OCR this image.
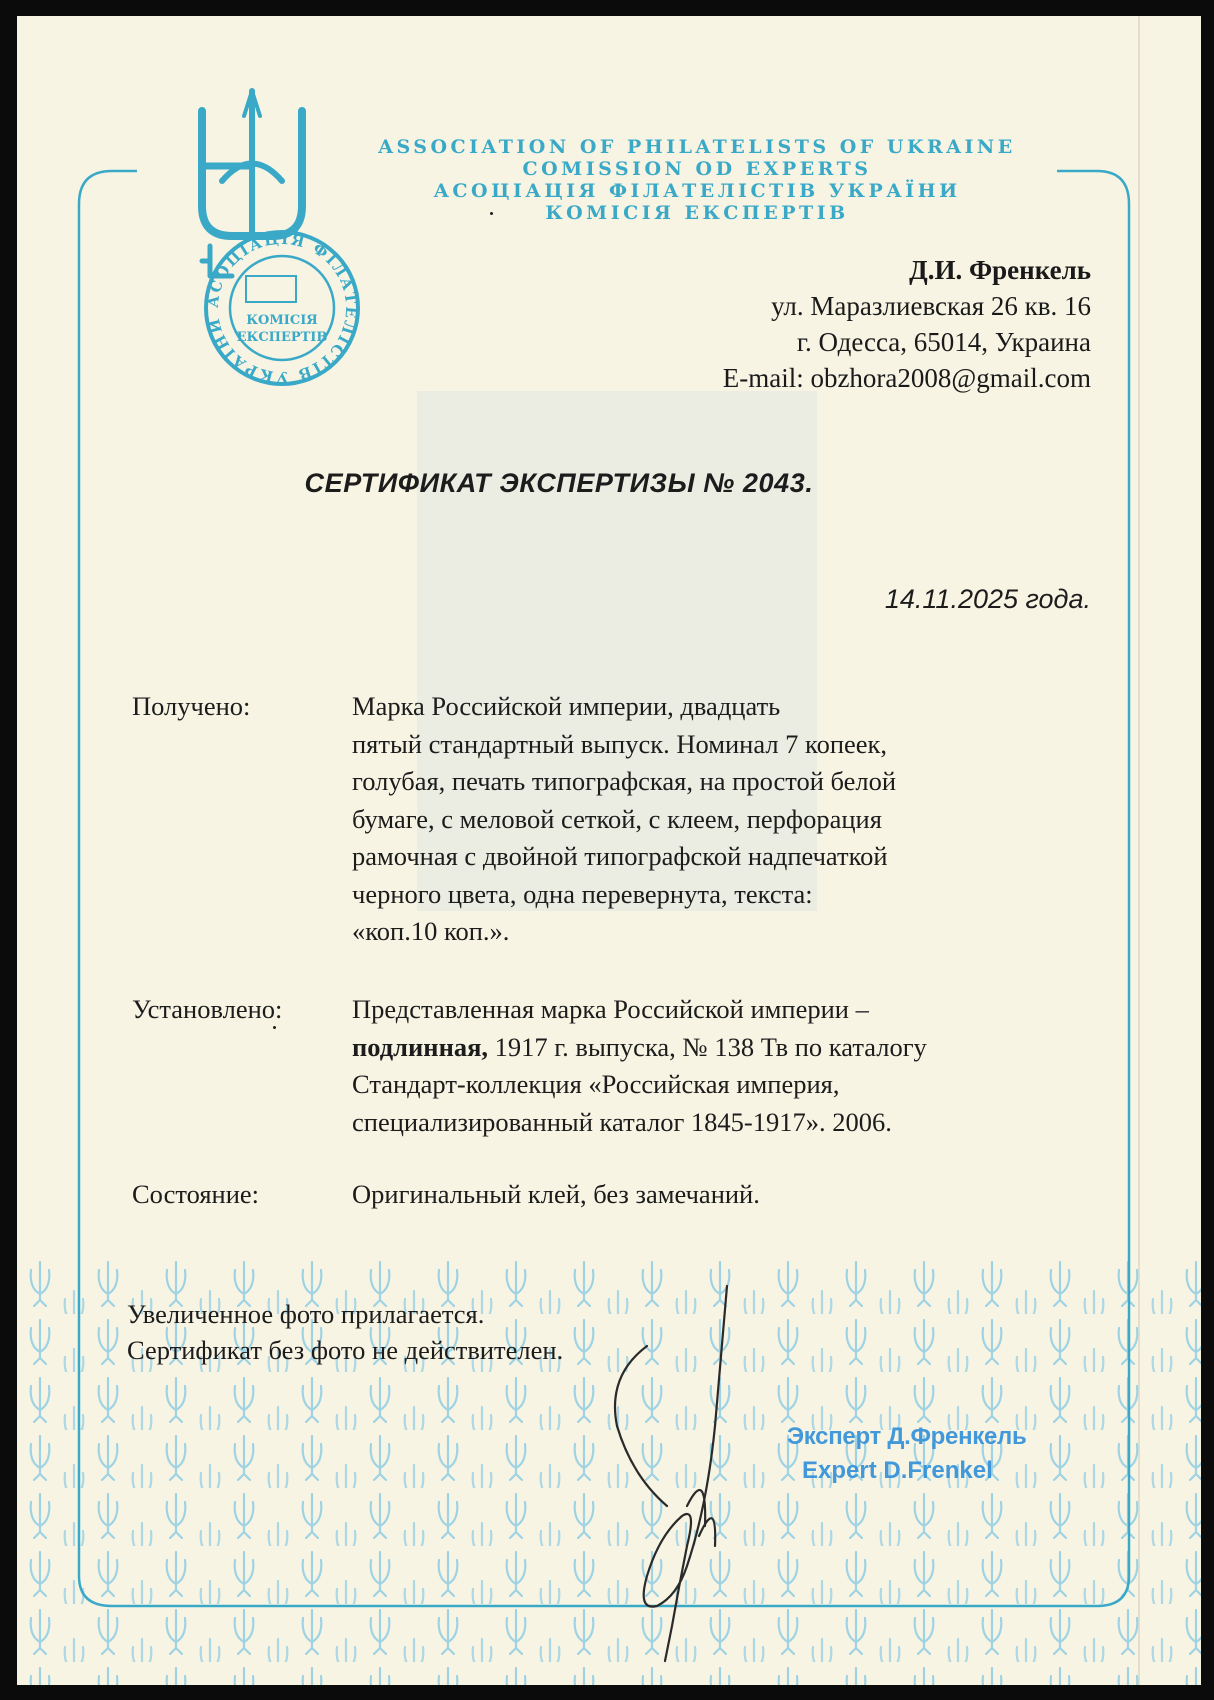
АСОЦІАЦІЯ ФІЛАТЕЛІСТІВ УКРАЇНИ	КОМІСІЯ
ЕКСПЕРТІВ
ASSOCIATION OF PHILATELISTS OF UKRAINE
COMISSION OD EXPERTS
АСОЦІАЦІЯ ФІЛАТЕЛІСТІВ УКРАЇНИ
КОМІСІЯ ЕКСПЕРТІВ
Д.И. Френкель
ул. Маразлиевская 26 кв. 16
г. Одесса, 65014, Украина
E-mail: obzhora2008@gmail.com
СЕРТИФИКАТ ЭКСПЕРТИЗЫ № 2043.
14.11.2025 года.
Получено:	Марка Российской империи, двадцать
пятый стандартный выпуск. Номинал 7 копеек,
голубая, печать типографская, на простой белой
бумаге, с меловой сеткой, с клеем, перфорация
рамочная с двойной типографской надпечаткой
черного цвета, одна перевернута, текста:
«коп.10 коп.».
Установлено:	Представленная марка Российской империи –
подлинная, 1917 г. выпуска, № 138 Тв по каталогу
Стандарт-коллекция «Российская империя,
специализированный каталог 1845-1917». 2006.
Состояние:	Оригинальный клей, без замечаний.
Увеличенное фото прилагается.
Сертификат без фото не действителен.
Эксперт Д.Френкель
Expert D.Frenkel
